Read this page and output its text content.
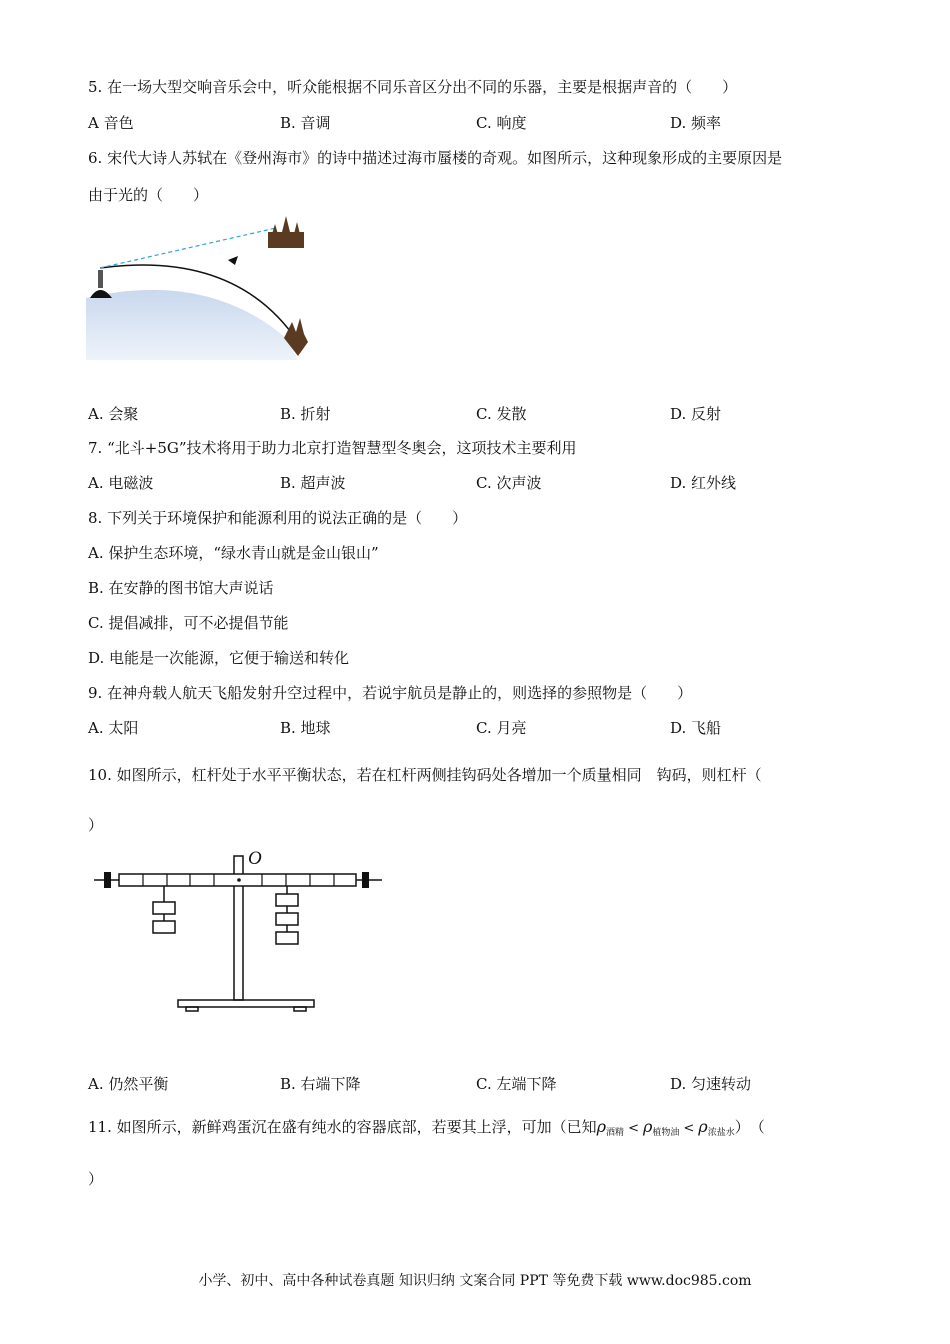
5. 在一场大型交响音乐会中，听众能根据不同乐音区分出不同的乐器，主要是根据声音的（　　）
A 音色	B. 音调	C. 响度	D. 频率
6. 宋代大诗人苏轼在《登州海市》的诗中描述过海市蜃楼的奇观。如图所示，这种现象形成的主要原因是
由于光的（　　）
A. 会聚	B. 折射	C. 发散	D. 反射
7. “北斗+5G”技术将用于助力北京打造智慧型冬奥会，这项技术主要利用
A. 电磁波	B. 超声波	C. 次声波	D. 红外线
8. 下列关于环境保护和能源利用的说法正确的是（　　）
A. 保护生态环境，“绿水青山就是金山银山”
B. 在安静的图书馆大声说话
C. 提倡减排，可不必提倡节能
D. 电能是一次能源，它便于输送和转化
9. 在神舟载人航天飞船发射升空过程中，若说宇航员是静止的，则选择的参照物是（　　）
A. 太阳	B. 地球	C. 月亮	D. 飞船
10. 如图所示，杠杆处于水平平衡状态，若在杠杆两侧挂钩码处各增加一个质量相同　钩码，则杠杆（
）
O
A. 仍然平衡	B. 右端下降	C. 左端下降	D. 匀速转动
11. 如图所示，新鲜鸡蛋沉在盛有纯水的容器底部，若要其上浮，可加（已知$\rho_{酒精} < \rho_{植物油} < \rho_{浓盐水}$）　（
）
小学、初中、高中各种试卷真题 知识归纳 文案合同 PPT 等免费下载 www.doc985.com
